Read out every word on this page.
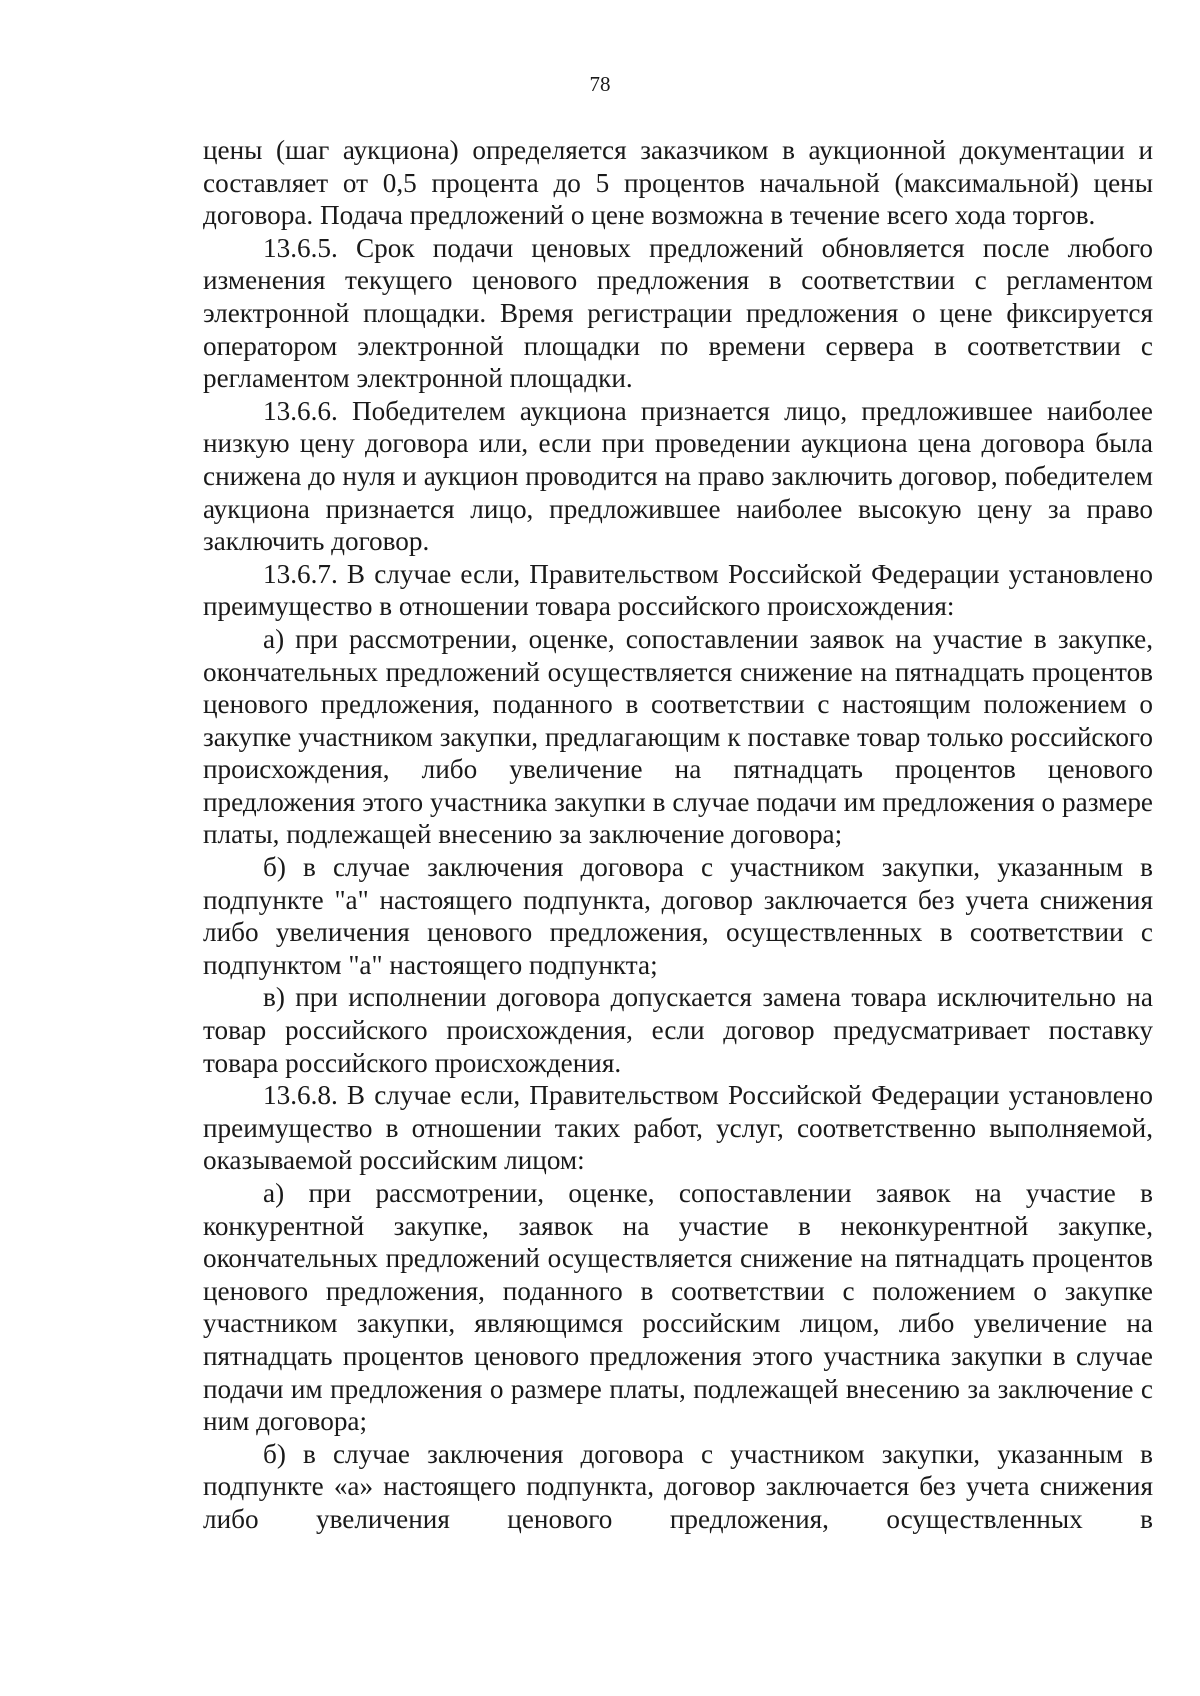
78

цены (шаг аукциона) определяется заказчиком в аукционной документации и составляет от 0,5 процента до 5 процентов начальной (максимальной) цены договора. Подача предложений о цене возможна в течение всего хода торгов.

13.6.5. Срок подачи ценовых предложений обновляется после любого изменения текущего ценового предложения в соответствии с регламентом электронной площадки. Время регистрации предложения о цене фиксируется оператором электронной площадки по времени сервера в соответствии с регламентом электронной площадки.

13.6.6. Победителем аукциона признается лицо, предложившее наиболее низкую цену договора или, если при проведении аукциона цена договора была снижена до нуля и аукцион проводится на право заключить договор, победителем аукциона признается лицо, предложившее наиболее высокую цену за право заключить договор.

13.6.7. В случае если, Правительством Российской Федерации установлено преимущество в отношении товара российского происхождения:

а) при рассмотрении, оценке, сопоставлении заявок на участие в закупке, окончательных предложений осуществляется снижение на пятнадцать процентов ценового предложения, поданного в соответствии с настоящим положением о закупке участником закупки, предлагающим к поставке товар только российского происхождения, либо увеличение на пятнадцать процентов ценового предложения этого участника закупки в случае подачи им предложения о размере платы, подлежащей внесению за заключение договора;

б) в случае заключения договора с участником закупки, указанным в подпункте "а" настоящего подпункта, договор заключается без учета снижения либо увеличения ценового предложения, осуществленных в соответствии с подпунктом "а" настоящего подпункта;

в) при исполнении договора допускается замена товара исключительно на товар российского происхождения, если договор предусматривает поставку товара российского происхождения.

13.6.8. В случае если, Правительством Российской Федерации установлено преимущество в отношении таких работ, услуг, соответственно выполняемой, оказываемой российским лицом:

а) при рассмотрении, оценке, сопоставлении заявок на участие в конкурентной закупке, заявок на участие в неконкурентной закупке, окончательных предложений осуществляется снижение на пятнадцать процентов ценового предложения, поданного в соответствии с положением о закупке участником закупки, являющимся российским лицом, либо увеличение на пятнадцать процентов ценового предложения этого участника закупки в случае подачи им предложения о размере платы, подлежащей внесению за заключение с ним договора;

б) в случае заключения договора с участником закупки, указанным в подпункте «а» настоящего подпункта, договор заключается без учета снижения либо увеличения ценового предложения, осуществленных в
